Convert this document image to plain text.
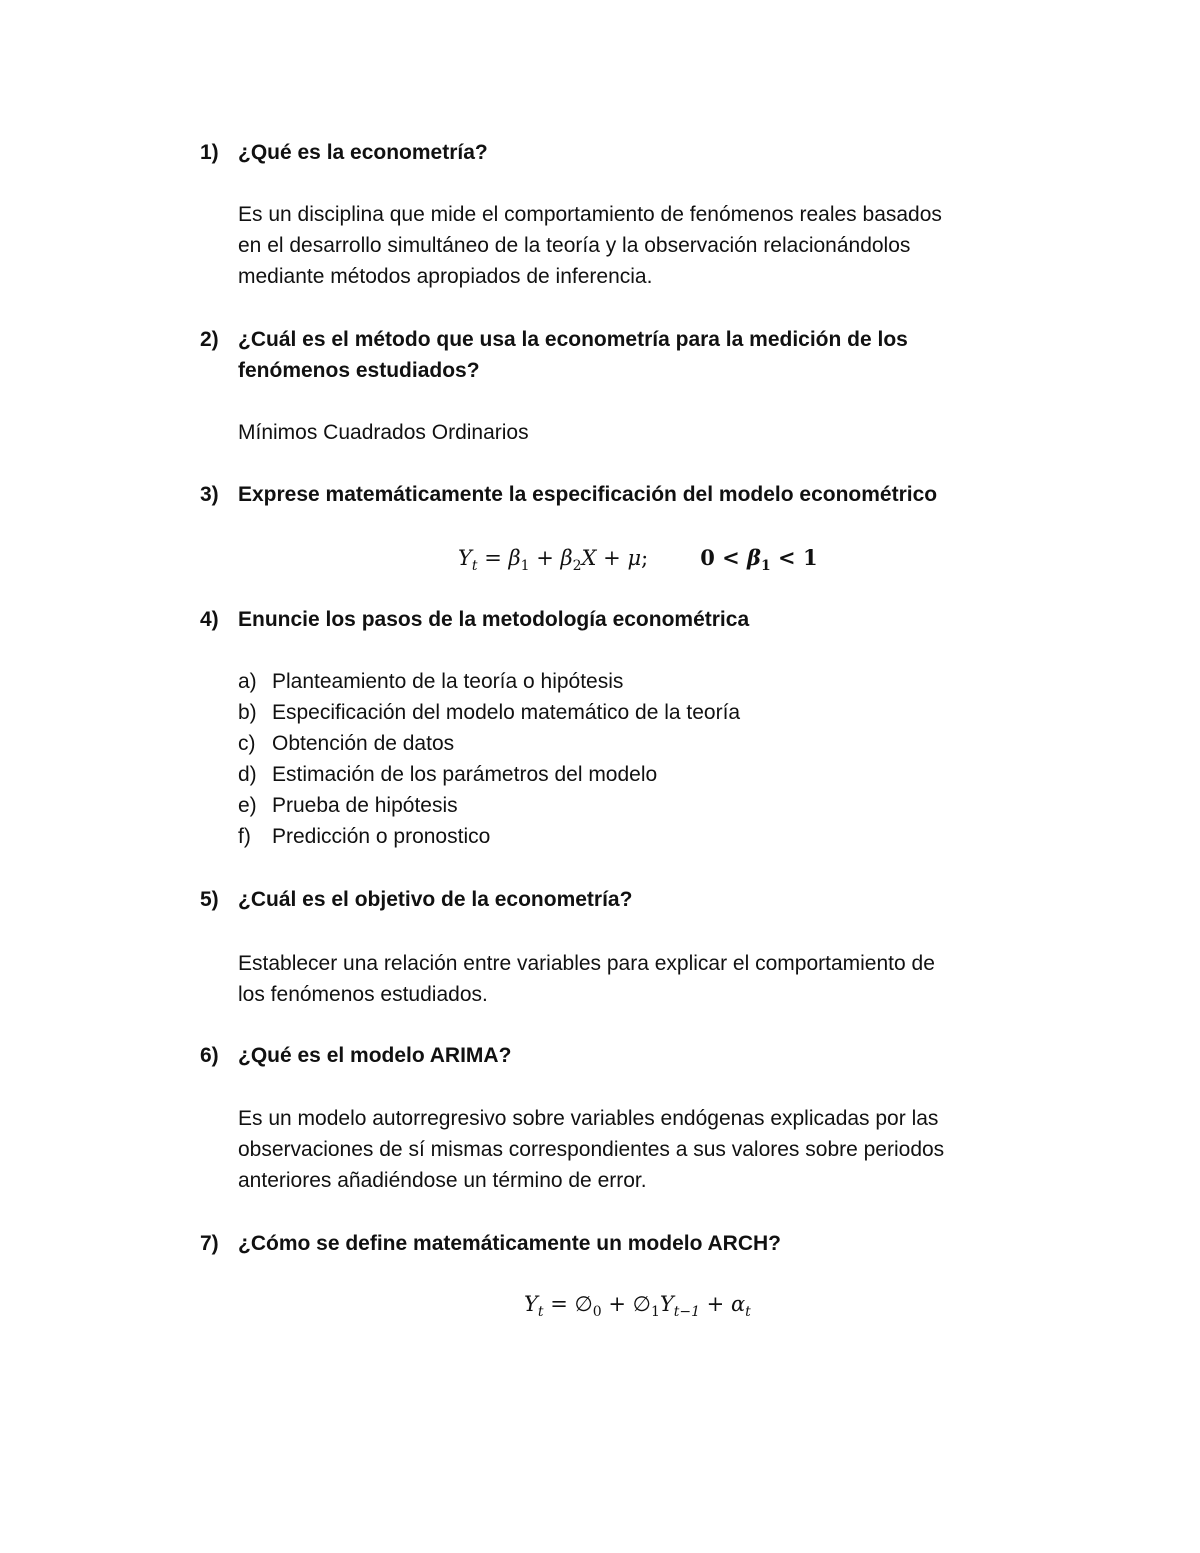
1) ¿Qué es la econometría?
Es un disciplina que mide el comportamiento de fenómenos reales basados
en el desarrollo simultáneo de la teoría y la observación relacionándolos
mediante métodos apropiados de inferencia.
2) ¿Cuál es el método que usa la econometría para la medición de los
fenómenos estudiados?
Mínimos Cuadrados Ordinarios
3) Exprese matemáticamente la especificación del modelo econométrico
$Y_t = \beta_1 + \beta_2X + \mu$; $0 < \beta_1 < 1$
4) Enuncie los pasos de la metodología econométrica
a) Planteamiento de la teoría o hipótesis
b) Especificación del modelo matemático de la teoría
c) Obtención de datos
d) Estimación de los parámetros del modelo
e) Prueba de hipótesis
f) Predicción o pronostico
5) ¿Cuál es el objetivo de la econometría?
Establecer una relación entre variables para explicar el comportamiento de
los fenómenos estudiados.
6) ¿Qué es el modelo ARIMA?
Es un modelo autorregresivo sobre variables endógenas explicadas por las
observaciones de sí mismas correspondientes a sus valores sobre periodos
anteriores añadiéndose un término de error.
7) ¿Cómo se define matemáticamente un modelo ARCH?
$Y_t$ = $\emptyset_0$ + $\emptyset_1Y_{t-1} + \alpha_t$
